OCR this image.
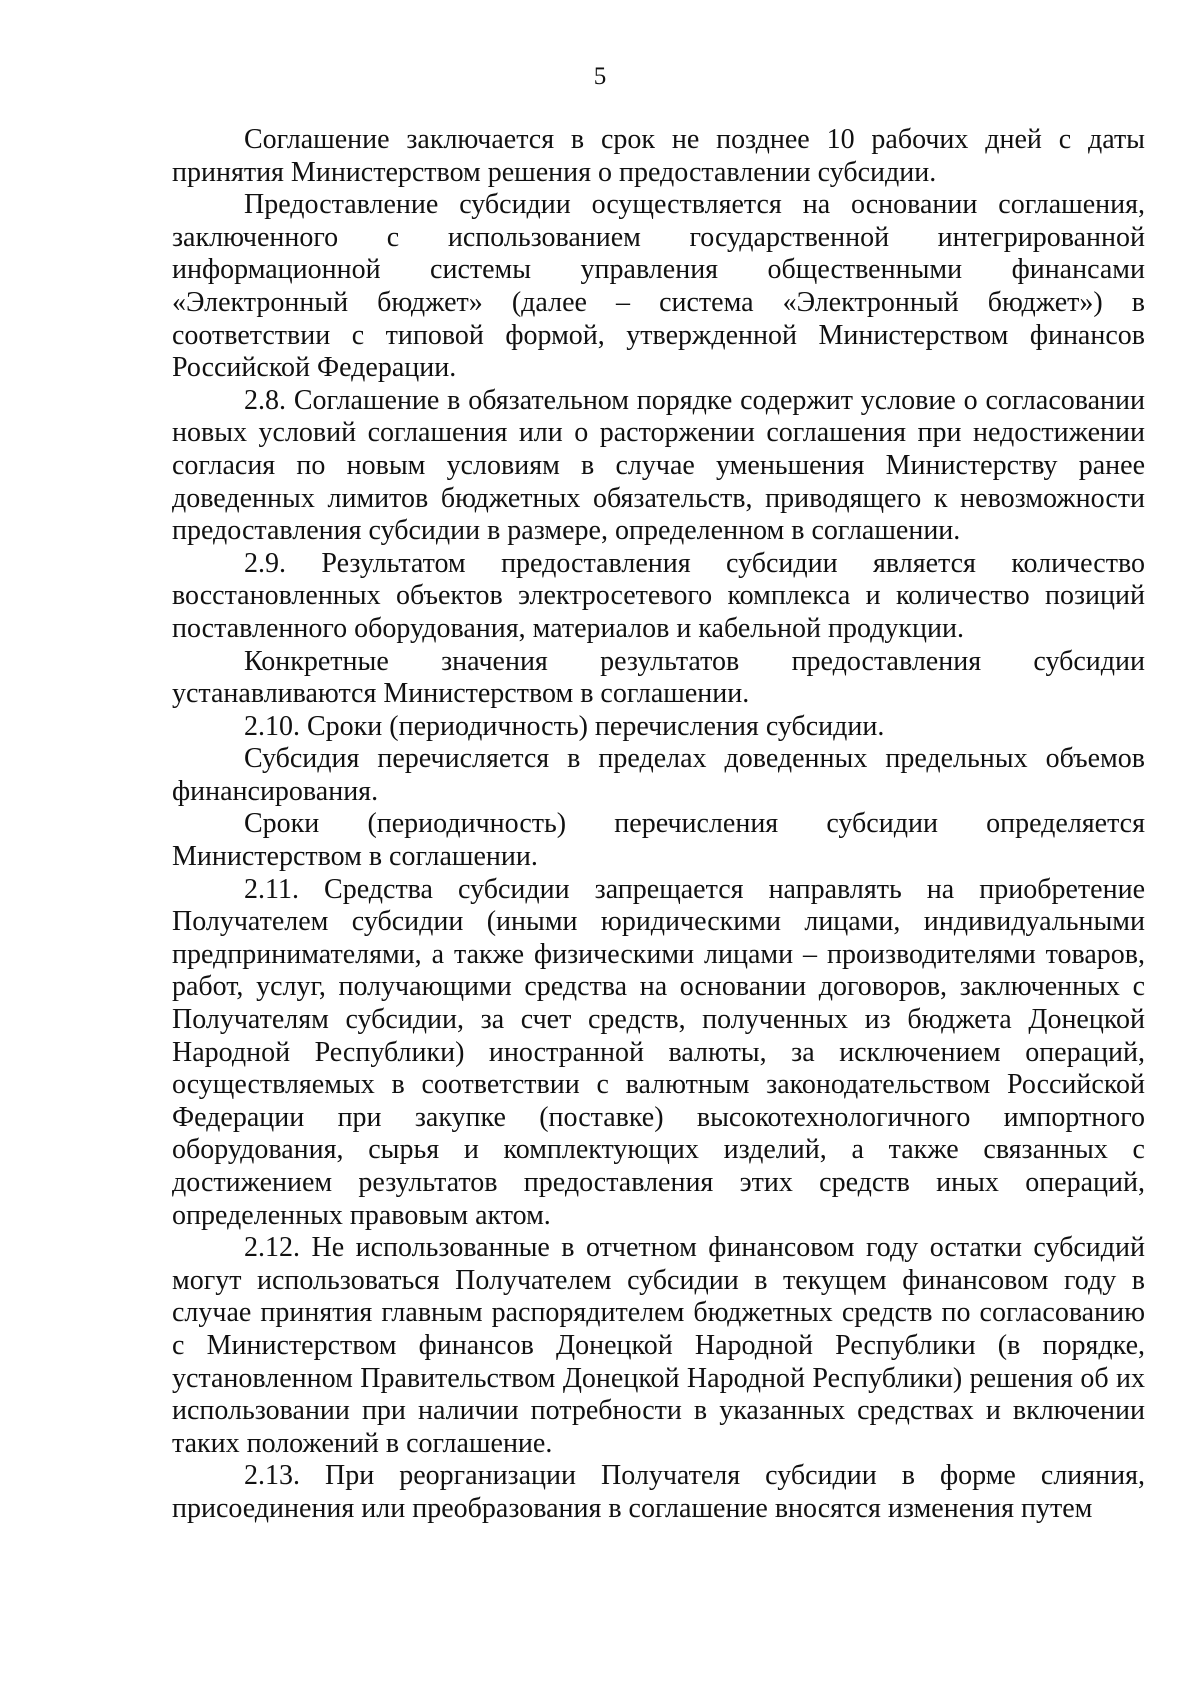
5

Соглашение заключается в срок не позднее 10 рабочих дней с даты принятия Министерством решения о предоставлении субсидии.

Предоставление субсидии осуществляется на основании соглашения, заключенного с использованием государственной интегрированной информационной системы управления общественными финансами «Электронный бюджет» (далее – система «Электронный бюджет») в соответствии с типовой формой, утвержденной Министерством финансов Российской Федерации.

2.8. Соглашение в обязательном порядке содержит условие о согласовании новых условий соглашения или о расторжении соглашения при недостижении согласия по новым условиям в случае уменьшения Министерству ранее доведенных лимитов бюджетных обязательств, приводящего к невозможности предоставления субсидии в размере, определенном в соглашении.

2.9. Результатом предоставления субсидии является количество восстановленных объектов электросетевого комплекса и количество позиций поставленного оборудования, материалов и кабельной продукции.

Конкретные значения результатов предоставления субсидии устанавливаются Министерством в соглашении.

2.10. Сроки (периодичность) перечисления субсидии.

Субсидия перечисляется в пределах доведенных предельных объемов финансирования.

Сроки (периодичность) перечисления субсидии определяется Министерством в соглашении.

2.11. Средства субсидии запрещается направлять на приобретение Получателем субсидии (иными юридическими лицами, индивидуальными предпринимателями, а также физическими лицами – производителями товаров, работ, услуг, получающими средства на основании договоров, заключенных с Получателям субсидии, за счет средств, полученных из бюджета Донецкой Народной Республики) иностранной валюты, за исключением операций, осуществляемых в соответствии с валютным законодательством Российской Федерации при закупке (поставке) высокотехнологичного импортного оборудования, сырья и комплектующих изделий, а также связанных с достижением результатов предоставления этих средств иных операций, определенных правовым актом.

2.12. Не использованные в отчетном финансовом году остатки субсидий могут использоваться Получателем субсидии в текущем финансовом году в случае принятия главным распорядителем бюджетных средств по согласованию с Министерством финансов Донецкой Народной Республики (в порядке, установленном Правительством Донецкой Народной Республики) решения об их использовании при наличии потребности в указанных средствах и включении таких положений в соглашение.

2.13. При реорганизации Получателя субсидии в форме слияния, присоединения или преобразования в соглашение вносятся изменения путем
